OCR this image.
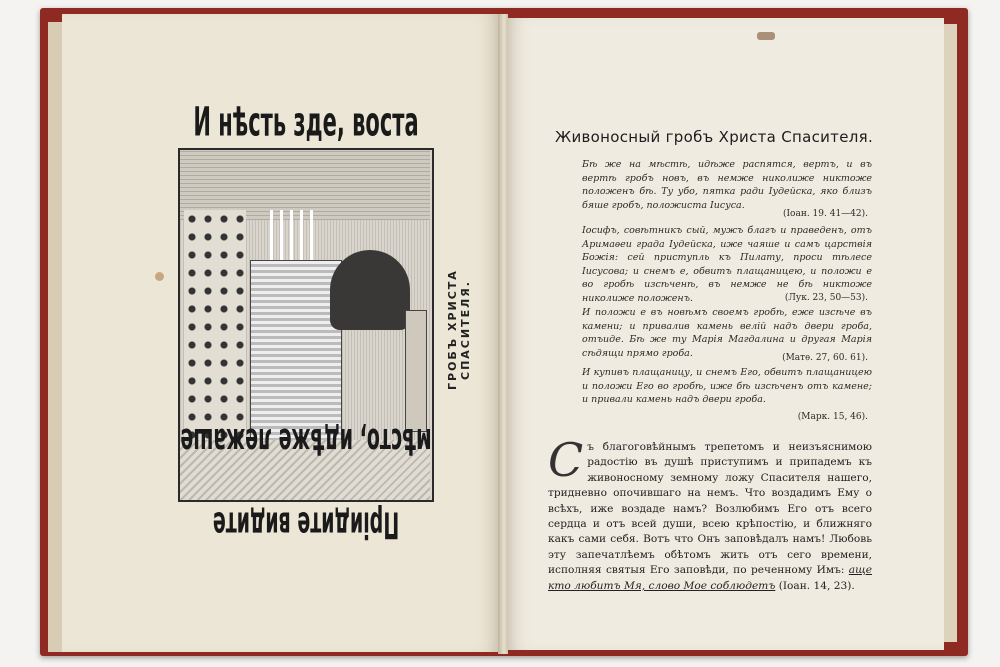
И нѣсть зде, воста
Пріидите видите мѣсто, идѣже лежаше
ГРОБЪ ХРИСТА СПАСИТЕЛЯ.
Живоносный гробъ Христа Спасителя.
Бѣ же на мѣстѣ, идѣже распятся, вертъ, и въ вертѣ гробъ новъ, въ немже николиже никтоже положенъ бѣ. Ту убо, пятка ради Іудейска, яко близъ бяше гробъ, положиста Іисуса.
(Іоан. 19. 41—42).
Іосифъ, совѣтникъ сый, мужъ благъ и праведенъ, отъ Аримаѳеи града Іудейска, иже чаяше и самъ царствія Божія: сей приступль къ Пилату, проси тѣлесе Іисусова; и снемъ е, обвитъ плащаницею, и положи е во гробѣ изсѣченѣ, въ немже не бѣ никтоже николиже положенъ.	(Лук. 23, 50—53).
И положи е въ новѣмъ своемъ гробѣ, еже изсѣче въ камени; и привалив камень велій надъ двери гроба, отъиде. Бѣ же ту Марія Магдалина и другая Марія сѣдящи прямо гроба.	(Матѳ. 27, 60. 61).
И купивъ плащаницу, и снемъ Его, обвитъ плащаницею и положи Его во гробѣ, иже бѣ изсѣченъ отъ камене; и привали камень надъ двери гроба.
(Марк. 15, 46).
Съ благоговѣйнымъ трепетомъ и неизъяснимою радостію въ душѣ приступимъ и припадемъ къ живоносному земному ложу Спасителя нашего, тридневно опочившаго на немъ. Что воздадимъ Ему о всѣхъ, иже воздаде намъ? Возлюбимъ Его отъ всего сердца и отъ всей души, всею крѣпостію, и ближняго какъ сами себя. Вотъ что Онъ заповѣдалъ намъ! Любовь эту запечатлѣемъ обѣтомъ жить отъ сего времени, исполняя святыя Его заповѣди, по реченному Имъ: аще кто любитъ Мя, слово Мое соблюдетъ (Іоан. 14, 23).
